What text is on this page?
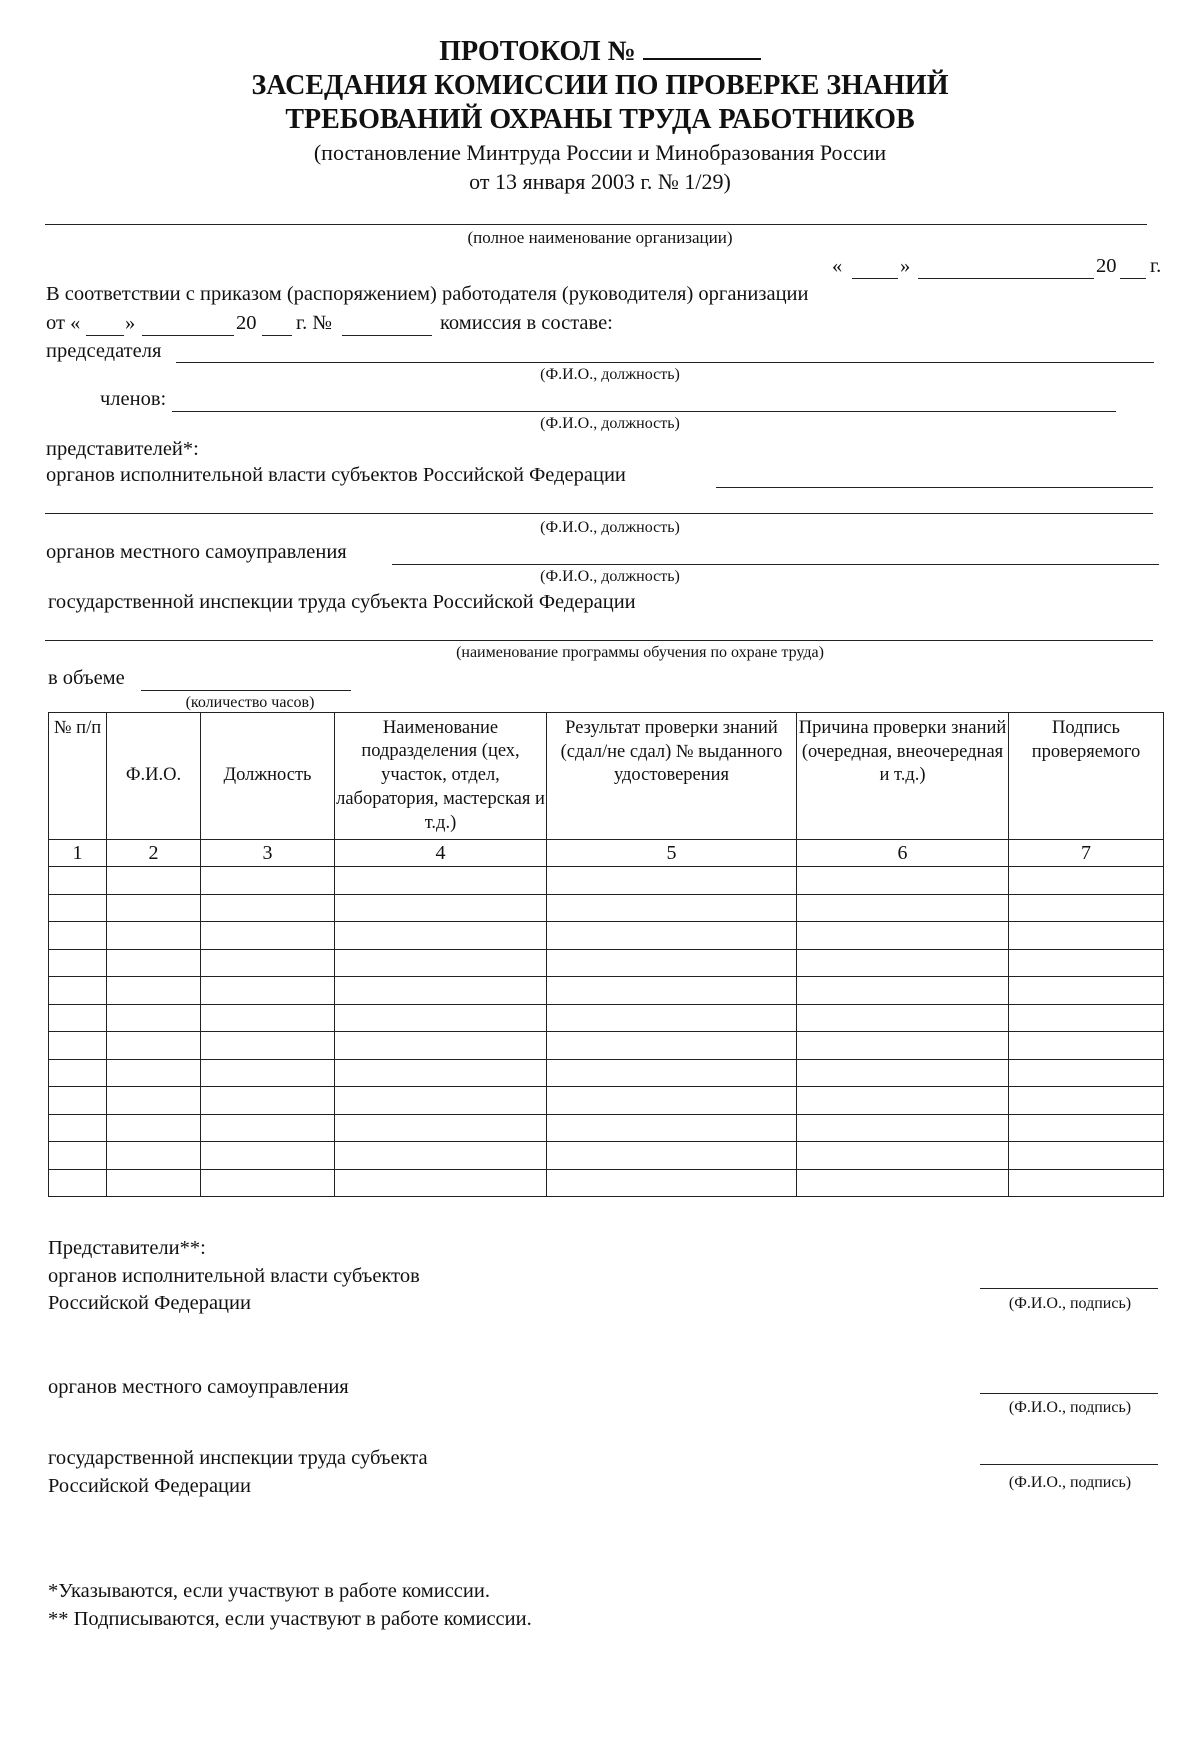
ПРОТОКОЛ №
ЗАСЕДАНИЯ КОМИССИИ ПО ПРОВЕРКЕ ЗНАНИЙ
ТРЕБОВАНИЙ ОХРАНЫ ТРУДА РАБОТНИКОВ
(постановление Минтруда России и Минобразования России
от 13 января 2003 г. № 1/29)
(полное наименование организации)
«	»	20 г.
В соответствии с приказом (распоряжением) работодателя (руководителя) организации
от « »	20 г. №	комиссия в составе:
председателя
(Ф.И.О., должность)
членов:
(Ф.И.О., должность)
представителей*:
органов исполнительной власти субъектов Российской Федерации
(Ф.И.О., должность)
органов местного самоуправления
(Ф.И.О., должность)
государственной инспекции труда субъекта Российской Федерации
(наименование программы обучения по охране труда)
в объеме
(количество часов)
№ п/п	Ф.И.О.	Должность	Наименование подразделения (цех, участок, отдел, лаборатория, мастерская и т.д.)	Результат проверки знаний (сдал/не сдал) № выданного удостоверения	Причина проверки знаний (очередная, внеочередная и т.д.)	Подпись проверяемого
1	2	3	4	5	6	7

Представители**:
органов исполнительной власти субъектов
Российской Федерации	(Ф.И.О., подпись)
органов местного самоуправления
(Ф.И.О., подпись)
государственной инспекции труда субъекта
Российской Федерации	(Ф.И.О., подпись)
*Указываются, если участвуют в работе комиссии.
** Подписываются, если участвуют в работе комиссии.
